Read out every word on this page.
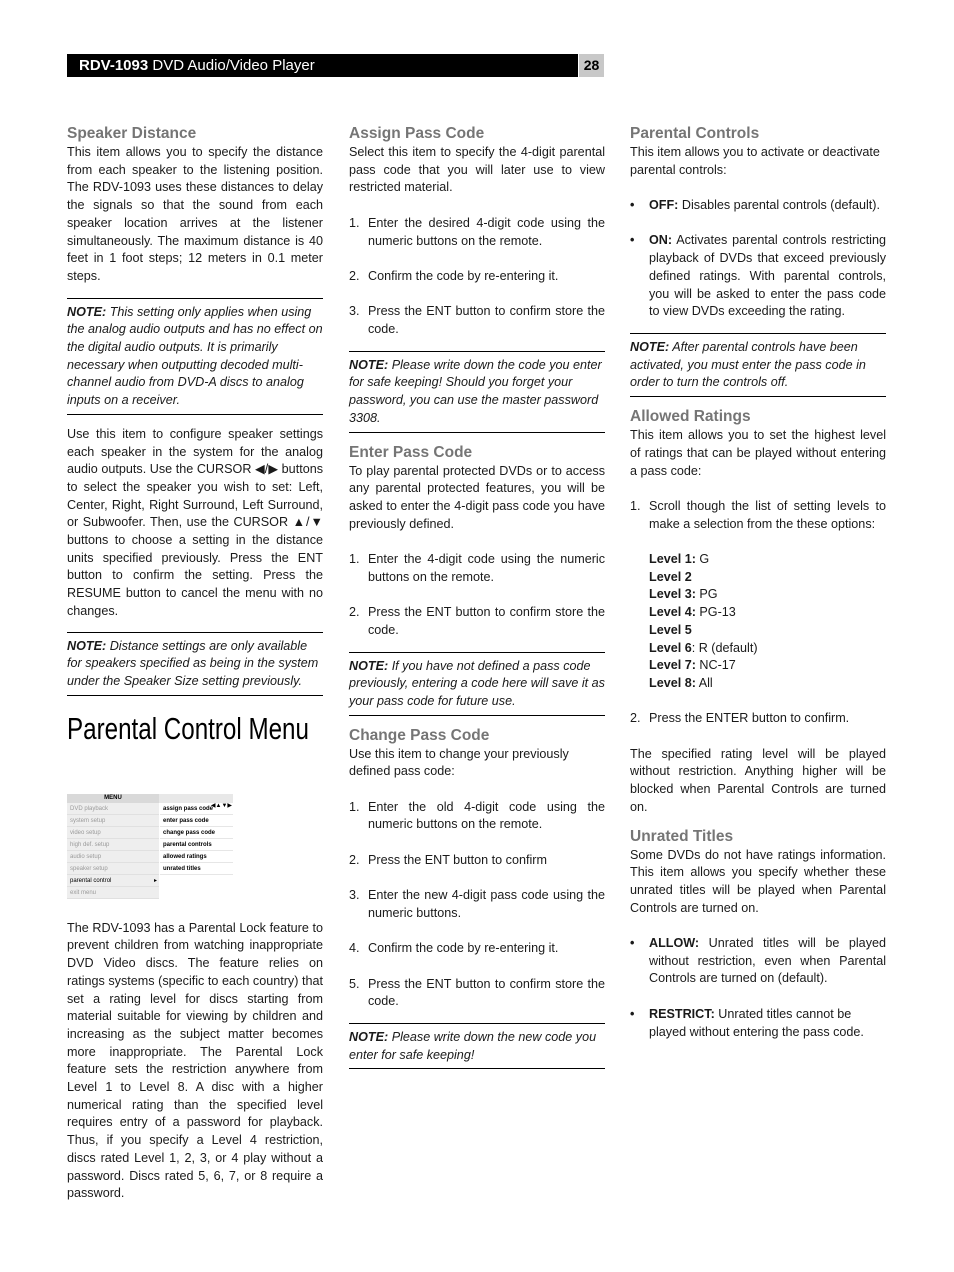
RDV-1093 DVD Audio/Video Player	28
Speaker Distance

This item allows you to specify the distance from each speaker to the listening position. The RDV-1093 uses these distances to delay the signals so that the sound from each speaker location arrives at the listener simultaneously. The maximum distance is 40 feet in 1 foot steps; 12 meters in 0.1 meter steps.

NOTE: This setting only applies when using the analog audio outputs and has no effect on the digital audio outputs. It is primarily necessary when outputting decoded multi-channel audio from DVD-A discs to analog inputs on a receiver.

Use this item to configure speaker settings each speaker in the system for the analog audio outputs. Use the CURSOR ◀/▶ buttons to select the speaker you wish to set: Left, Center, Right, Right Surround, Left Surround, or Subwoofer. Then, use the CURSOR ▲/▼ buttons to choose a setting in the distance units specified previously. Press the ENT button to confirm the setting. Press the RESUME button to cancel the menu with no changes.

NOTE: Distance settings are only available for speakers specified as being in the system under the Speaker Size setting previously.
Parental Control Menu
MENU
DVD playback
system setup
video setup
high def. setup
audio setup
speaker setup
parental control ▸
exit menu
assign pass code
◀▲▼▶
enter pass code
change pass code
parental controls
allowed ratings
unrated titles

The RDV-1093 has a Parental Lock feature to prevent children from watching inappropriate DVD Video discs. The feature relies on ratings systems (specific to each country) that set a rating level for discs starting from material suitable for viewing by children and increasing as the subject matter becomes more inappropriate. The Parental Lock feature sets the restriction anywhere from Level 1 to Level 8. A disc with a higher numerical rating than the specified level requires entry of a password for playback. Thus, if you specify a Level 4 restriction, discs rated Level 1, 2, 3, or 4 play without a password. Discs rated 5, 6, 7, or 8 require a password.

Assign Pass Code

Select this item to specify the 4-digit parental pass code that you will later use to view restricted material.

1. Enter the desired 4-digit code using the numeric buttons on the remote.
2. Confirm the code by re-entering it.
3. Press the ENT button to confirm store the code.
NOTE: Please write down the code you enter for safe keeping! Should you forget your password, you can use the master password 3308.
Enter Pass Code

To play parental protected DVDs or to access any parental protected features, you will be asked to enter the 4-digit pass code you have previously defined.

1. Enter the 4-digit code using the numeric buttons on the remote.
2. Press the ENT button to confirm store the code.
NOTE: If you have not defined a pass code previously, entering a code here will save it as your pass code for future use.
Change Pass Code

Use this item to change your previously defined pass code:

1. Enter the old 4-digit code using the numeric buttons on the remote.
2. Press the ENT button to confirm
3. Enter the new 4-digit pass code using the numeric buttons.
4. Confirm the code by re-entering it.
5. Press the ENT button to confirm store the code.
NOTE: Please write down the new code you enter for safe keeping!
Parental Controls

This item allows you to activate or deactivate parental controls:

•	OFF: Disables parental controls (default).
•	ON: Activates parental controls restricting playback of DVDs that exceed previously defined ratings. With parental controls, you will be asked to enter the pass code to view DVDs exceeding the rating.
NOTE: After parental controls have been activated, you must enter the pass code in order to turn the controls off.
Allowed Ratings

This item allows you to set the highest level of ratings that can be played without entering a pass code:

1. Scroll though the list of setting levels to make a selection from the these options:
Level 1: G
Level 2
Level 3: PG
Level 4: PG-13
Level 5
Level 6: R (default)
Level 7: NC-17
Level 8: All
2. Press the ENTER button to confirm.

The specified rating level will be played without restriction. Anything higher will be blocked when Parental Controls are turned on.

Unrated Titles

Some DVDs do not have ratings information. This item allows you specify whether these unrated titles will be played when Parental Controls are turned on.

•	ALLOW: Unrated titles will be played without restriction, even when Parental Controls are turned on (default).
•	RESTRICT: Unrated titles cannot be played without entering the pass code.
